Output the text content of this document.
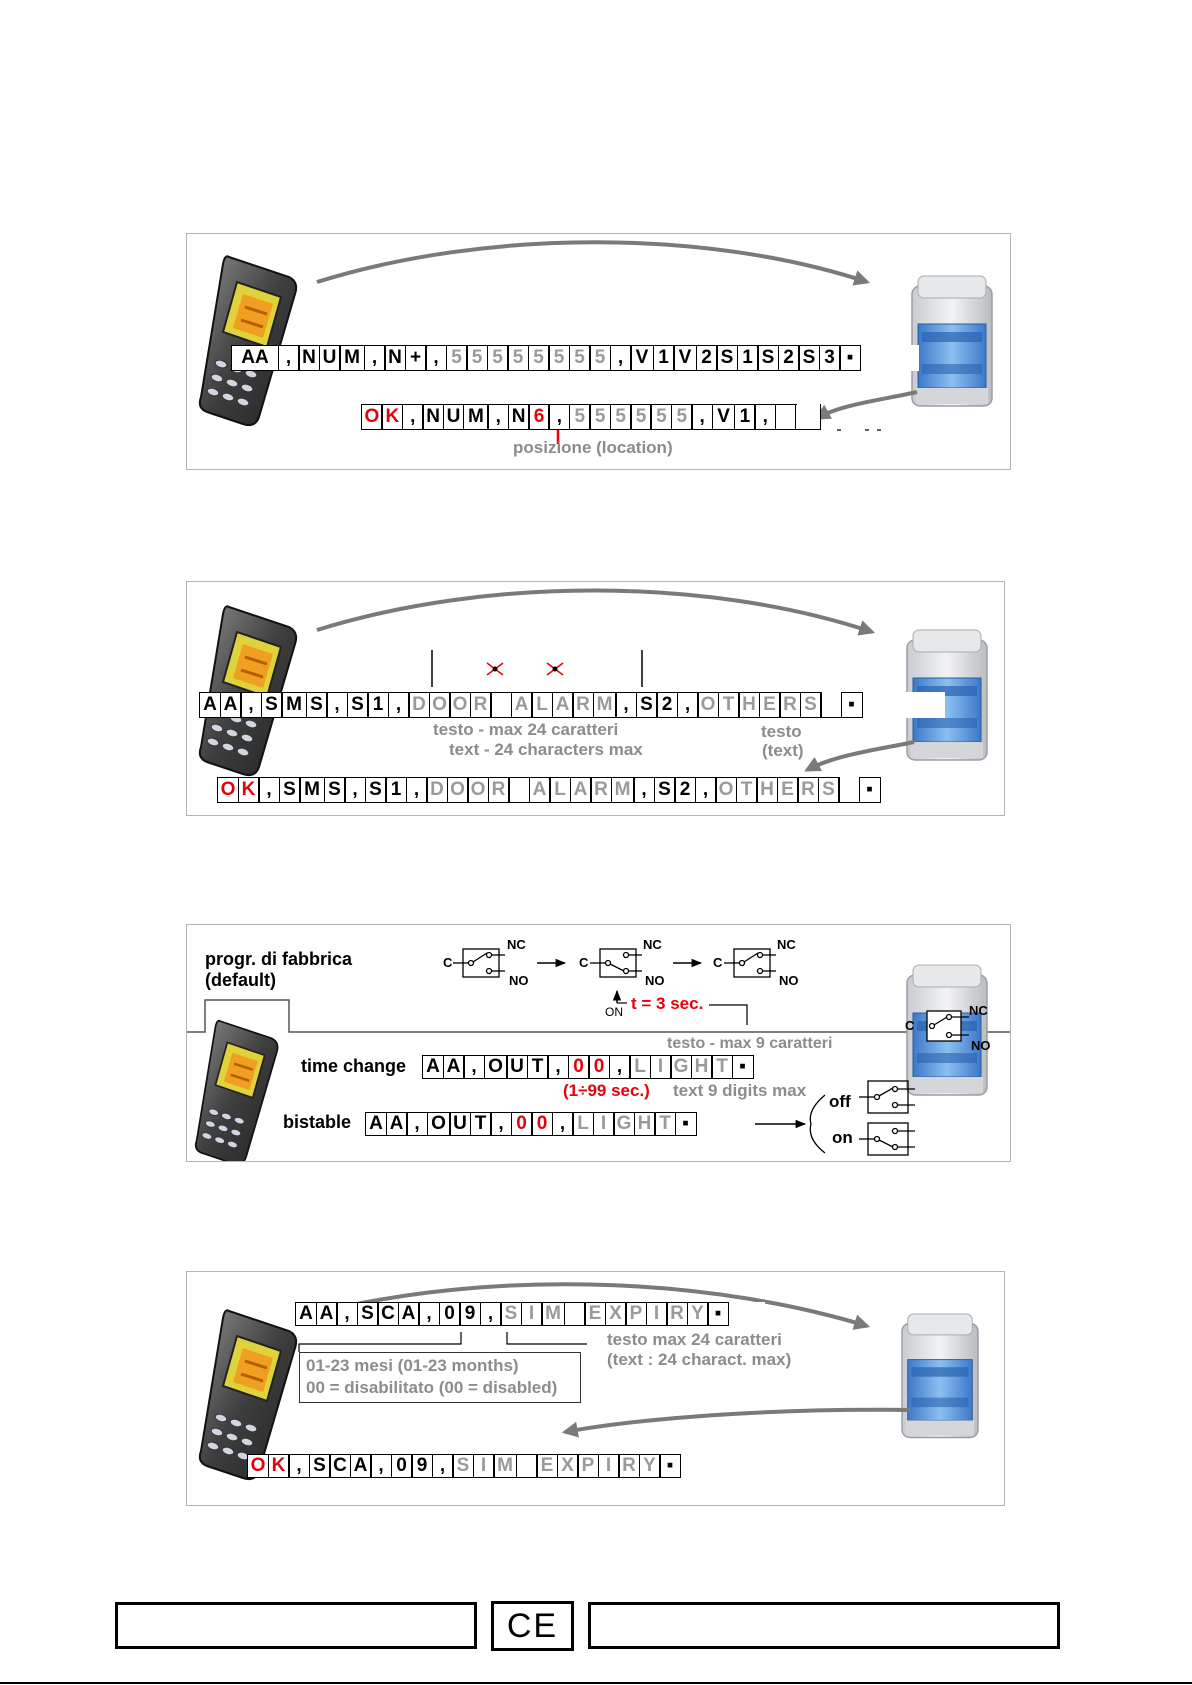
AA , N U M , N + , 5 5 5 5 5 5 5 5 , V 1 V 2 S 1 S 2 S 3 ▪
O K , N U M , N 6 , 5 5 5 5 5 5 , V 1 ,
posizione (location)
A A , S M S , S 1 , D O O R A L A R M , S 2 , O T H E R S	▪
testo - max 24 caratteri
text - 24 characters max
testo
(text)
O K , S M S , S 1 , D O O R A L A R M , S 2 , O T H E R S	▪
progr. di fabbrica
(default)
NC
NO
C
NC
NO
C
NC
NO
C
ON t = 3 sec.	NC
NO
C
testo - max 9 caratteri
time change A A , O U T , 0 0 , L I G H T ▪
(1÷99 sec.) text 9 digits max
bistable A A , O U T , 0 0 , L I G H T ▪
off
on
A A , S C A , 0 9 , S I M E X P I R Y ▪
01-23 mesi (01-23 months)
00 = disabilitato (00 = disabled)
testo max 24 caratteri
(text : 24 charact. max)
O K , S C A , 0 9 , S I M E X P I R Y ▪
CE
